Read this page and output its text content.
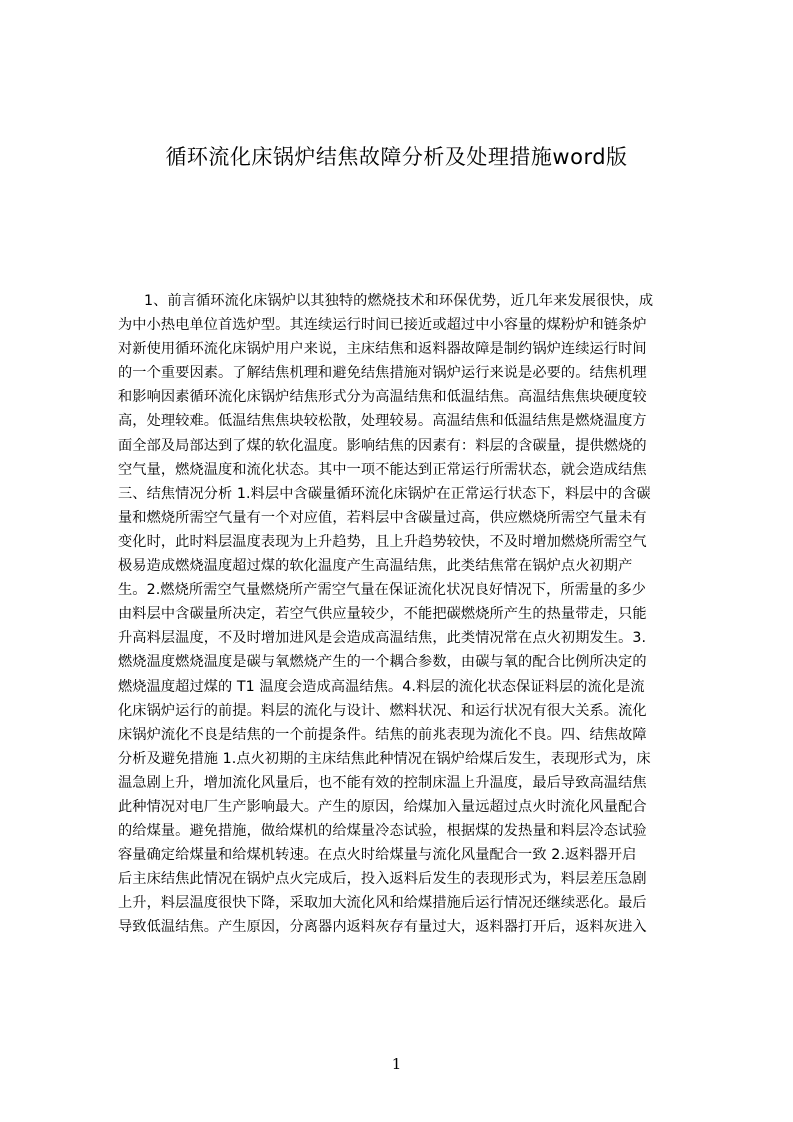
循环流化床锅炉结焦故障分析及处理措施word版
1、前言循环流化床锅炉以其独特的燃烧技术和环保优势，近几年来发展很快，成
为中小热电单位首选炉型。其连续运行时间已接近或超过中小容量的煤粉炉和链条炉
对新使用循环流化床锅炉用户来说，主床结焦和返料器故障是制约锅炉连续运行时间
的一个重要因素。了解结焦机理和避免结焦措施对锅炉运行来说是必要的。结焦机理
和影响因素循环流化床锅炉结焦形式分为高温结焦和低温结焦。高温结焦焦块硬度较
高，处理较难。低温结焦焦块较松散，处理较易。高温结焦和低温结焦是燃烧温度方
面全部及局部达到了煤的软化温度。影响结焦的因素有：料层的含碳量，提供燃烧的
空气量，燃烧温度和流化状态。其中一项不能达到正常运行所需状态，就会造成结焦
三、结焦情况分析 1.料层中含碳量循环流化床锅炉在正常运行状态下，料层中的含碳
量和燃烧所需空气量有一个对应值，若料层中含碳量过高，供应燃烧所需空气量未有
变化时，此时料层温度表现为上升趋势，且上升趋势较快，不及时增加燃烧所需空气
极易造成燃烧温度超过煤的软化温度产生高温结焦，此类结焦常在锅炉点火初期产
生。2.燃烧所需空气量燃烧所产需空气量在保证流化状况良好情况下，所需量的多少
由料层中含碳量所决定，若空气供应量较少，不能把碳燃烧所产生的热量带走，只能
升高料层温度，不及时增加进风是会造成高温结焦，此类情况常在点火初期发生。3.
燃烧温度燃烧温度是碳与氧燃烧产生的一个耦合参数，由碳与氧的配合比例所决定的
燃烧温度超过煤的 T1 温度会造成高温结焦。4.料层的流化状态保证料层的流化是流
化床锅炉运行的前提。料层的流化与设计、燃料状况、和运行状况有很大关系。流化
床锅炉流化不良是结焦的一个前提条件。结焦的前兆表现为流化不良。四、结焦故障
分析及避免措施 1.点火初期的主床结焦此种情况在锅炉给煤后发生，表现形式为，床
温急剧上升，增加流化风量后，也不能有效的控制床温上升温度，最后导致高温结焦
此种情况对电厂生产影响最大。产生的原因，给煤加入量远超过点火时流化风量配合
的给煤量。避免措施，做给煤机的给煤量冷态试验，根据煤的发热量和料层冷态试验
容量确定给煤量和给煤机转速。在点火时给煤量与流化风量配合一致 2.返料器开启
后主床结焦此情况在锅炉点火完成后，投入返料后发生的表现形式为，料层差压急剧
上升，料层温度很快下降，采取加大流化风和给煤措施后运行情况还继续恶化。最后
导致低温结焦。产生原因，分离器内返料灰存有量过大，返料器打开后，返料灰进入
1
